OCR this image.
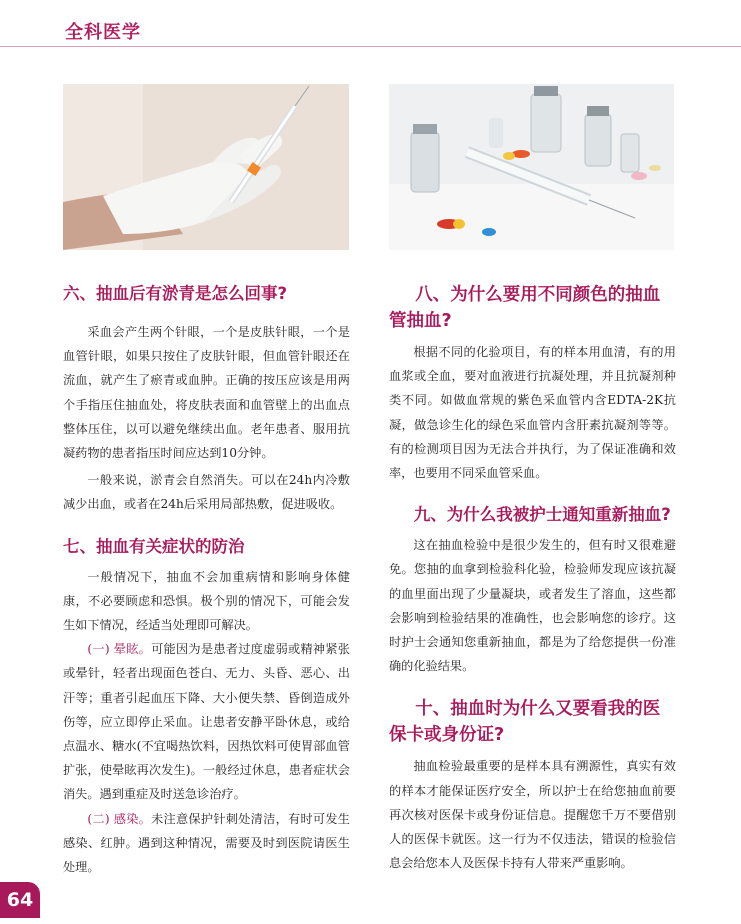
全科医学
六、抽血后有淤青是怎么回事?

采血会产生两个针眼，一个是皮肤针眼，一个是血管针眼，如果只按住了皮肤针眼，但血管针眼还在流血，就产生了瘀青或血肿。正确的按压应该是用两个手指压住抽血处，将皮肤表面和血管壁上的出血点整体压住，以可以避免继续出血。老年患者、服用抗凝药物的患者指压时间应达到10分钟。

一般来说，淤青会自然消失。可以在24h内冷敷减少出血，或者在24h后采用局部热敷，促进吸收。

七、抽血有关症状的防治

一般情况下，抽血不会加重病情和影响身体健康，不必要顾虑和恐惧。极个别的情况下，可能会发生如下情况，经适当处理即可解决。

(一) 晕眩。可能因为是患者过度虚弱或精神紧张或晕针，轻者出现面色苍白、无力、头昏、恶心、出汗等；重者引起血压下降、大小便失禁、昏倒造成外伤等，应立即停止采血。让患者安静平卧休息，或给点温水、糖水(不宜喝热饮料，因热饮料可使胃部血管扩张，使晕眩再次发生)。一般经过休息，患者症状会消失。遇到重症及时送急诊治疗。

(二) 感染。未注意保护针刺处清洁，有时可发生感染、红肿。遇到这种情况，需要及时到医院请医生处理。

八、为什么要用不同颜色的抽血管抽血?

根据不同的化验项目，有的样本用血清，有的用血浆或全血，要对血液进行抗凝处理，并且抗凝剂种类不同。如做血常规的紫色采血管内含EDTA-2K抗凝，做急诊生化的绿色采血管内含肝素抗凝剂等等。有的检测项目因为无法合并执行，为了保证准确和效率，也要用不同采血管采血。

九、为什么我被护士通知重新抽血?

这在抽血检验中是很少发生的，但有时又很难避免。您抽的血拿到检验科化验，检验师发现应该抗凝的血里面出现了少量凝块，或者发生了溶血，这些都会影响到检验结果的准确性，也会影响您的诊疗。这时护士会通知您重新抽血，都是为了给您提供一份准确的化验结果。

十、抽血时为什么又要看我的医保卡或身份证?

抽血检验最重要的是样本具有溯源性，真实有效的样本才能保证医疗安全，所以护士在给您抽血前要再次核对医保卡或身份证信息。提醒您千万不要借别人的医保卡就医。这一行为不仅违法，错误的检验信息会给您本人及医保卡持有人带来严重影响。

64
